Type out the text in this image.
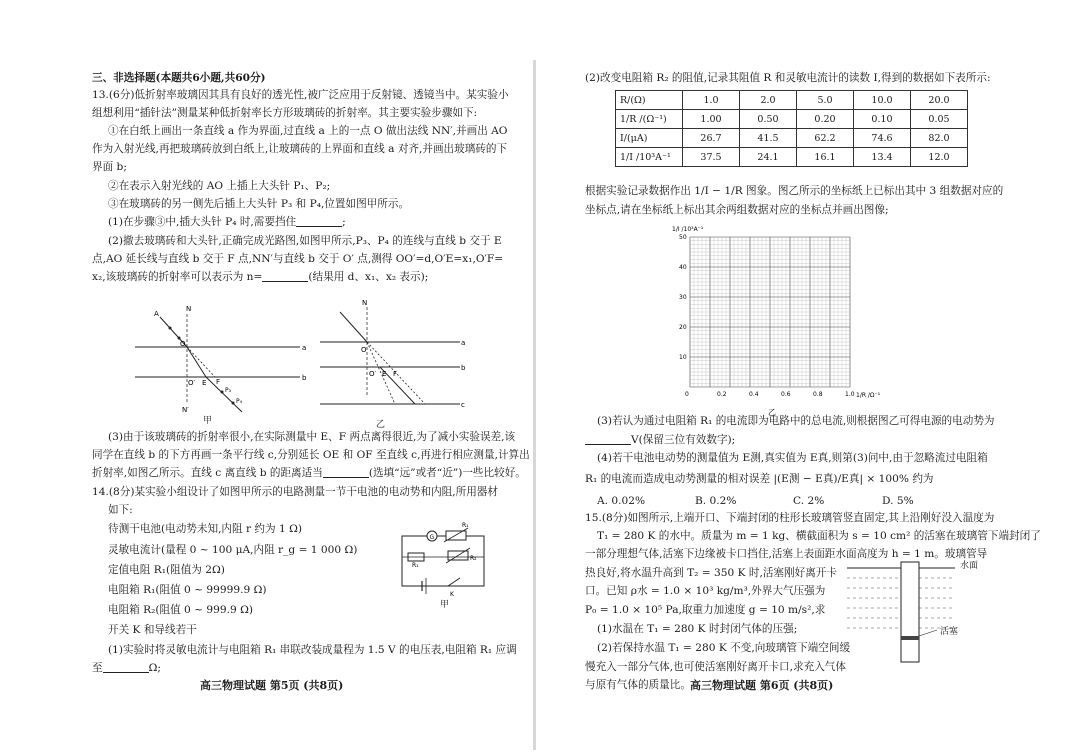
三、非选择题(本题共6小题,共60分)
13.(6分)低折射率玻璃因其具有良好的透光性,被广泛应用于反射镜、透镜当中。某实验小
组想利用“插针法”测量某种低折射率长方形玻璃砖的折射率。其主要实验步骤如下:
①在白纸上画出一条直线 a 作为界面,过直线 a 上的一点 O 做出法线 NN′,并画出 AO
作为入射光线,再把玻璃砖放到白纸上,让玻璃砖的上界面和直线 a 对齐,并画出玻璃砖的下
界面 b;
②在表示入射光线的 AO 上插上大头针 P₁、P₂;
③在玻璃砖的另一侧先后插上大头针 P₃ 和 P₄,位置如图甲所示。
(1)在步骤③中,插大头针 P₄ 时,需要挡住	;
(2)撤去玻璃砖和大头针,正确完成光路图,如图甲所示,P₃、P₄ 的连线与直线 b 交于 E
点,AO 延长线与直线 b 交于 F 点,NN′与直线 b 交于 O′ 点,测得 OO′=d,O′E=x₁,O′F=
x₂,该玻璃砖的折射率可以表示为 n=	(结果用 d、x₁、x₂ 表示);
A
N
N′
a
b
O
O′ E F
P₃
P₄
甲
N
O
O′ E F
a
b
c
乙
(3)由于该玻璃砖的折射率很小,在实际测量中 E、F 两点离得很近,为了减小实验误差,该
同学在直线 b 的下方再画一条平行线 c,分别延长 OE 和 OF 至直线 c,再进行相应测量,计算出
折射率,如图乙所示。直线 c 离直线 b 的距离适当	(选填“远”或者“近”)一些比较好。
14.(8分)某实验小组设计了如图甲所示的电路测量一节干电池的电动势和内阻,所用器材
如下:
待测干电池(电动势未知,内阻 r 约为 1 Ω)
灵敏电流计(量程 0 ~ 100 μA,内阻 r_g = 1 000 Ω)
定值电阻 R₁(阻值为 2Ω)
电阻箱 R₁(阻值 0 ~ 99999.9 Ω)
电阻箱 R₂(阻值 0 ~ 999.9 Ω)
开关 K 和导线若干
(1)实验时将灵敏电流计与电阻箱 R₁ 串联改装成量程为 1.5 V 的电压表,电阻箱 R₁ 应调
至	Ω;
G
R₁
R₁
R₂
K
甲
高三物理试题 第5页 (共8页)
(2)改变电阻箱 R₂ 的阻值,记录其阻值 R 和灵敏电流计的读数 I,得到的数据如下表所示:
R/(Ω)	1.0	2.0	5.0	10.0	20.0
1/R /(Ω⁻¹)	1.00	0.50	0.20	0.10	0.05
I/(μA)	26.7	41.5	62.2	74.6	82.0
1/I /10³A⁻¹	37.5	24.1	16.1	13.4	12.0
根据实验记录数据作出 1/I − 1/R 图象。图乙所示的坐标纸上已标出其中 3 组数据对应的
坐标点,请在坐标纸上标出其余两组数据对应的坐标点并画出图像;
1/I /10³A⁻¹
0	0.2	0.4	0.6	0.8	1.0
10
20
30
40
50
1/R /Ω⁻¹
乙
(3)若认为通过电阻箱 R₁ 的电流即为电路中的总电流,则根据图乙可得电源的电动势为
V(保留三位有效数字);
(4)若干电池电动势的测量值为 E测,真实值为 E真,则第(3)问中,由于忽略流过电阻箱
R₁ 的电流而造成电动势测量的相对误差 |(E测 − E真)/E真| × 100% 约为
A. 0.02%	B. 0.2%	C. 2%	D. 5%
15.(8分)如图所示,上端开口、下端封闭的柱形长玻璃管竖直固定,其上沿刚好没入温度为
T₁ = 280 K 的水中。质量为 m = 1 kg、横截面积为 s = 10 cm² 的活塞在玻璃管下端封闭了
一部分理想气体,活塞下边缘被卡口挡住,活塞上表面距水面高度为 h = 1 m。玻璃管导
热良好,将水温升高到 T₂ = 350 K 时,活塞刚好离开卡
口。已知 ρ水 = 1.0 × 10³ kg/m³,外界大气压强为
P₀ = 1.0 × 10⁵ Pa,取重力加速度 g = 10 m/s²,求
(1)水温在 T₁ = 280 K 时封闭气体的压强;
(2)若保持水温 T₁ = 280 K 不变,向玻璃管下端空间缓
慢充入一部分气体,也可使活塞刚好离开卡口,求充入气体
与原有气体的质量比。
水面
活塞
高三物理试题 第6页 (共8页)
